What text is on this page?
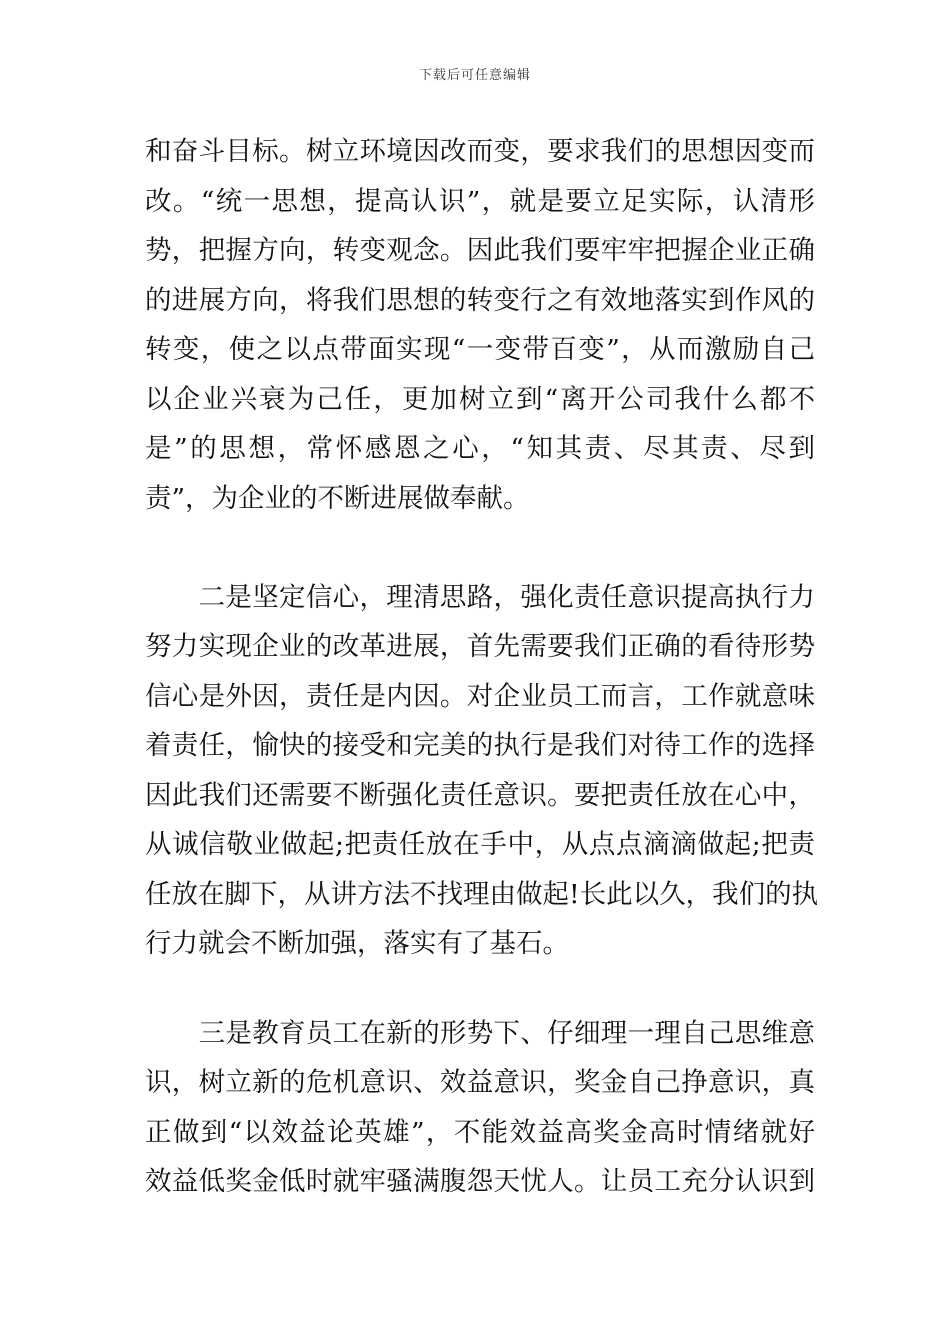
下载后可任意编辑
和奋斗目标。树立环境因改而变，要求我们的思想因变而
改。“统一思想，提高认识”，就是要立足实际，认清形
势，把握方向，转变观念。因此我们要牢牢把握企业正确
的进展方向，将我们思想的转变行之有效地落实到作风的
转变，使之以点带面实现“一变带百变”，从而激励自己
以企业兴衰为己任，更加树立到“离开公司我什么都不
是”的思想，常怀感恩之心，“知其责、尽其责、尽到
责”，为企业的不断进展做奉献。
　　二是坚定信心，理清思路，强化责任意识提高执行力
努力实现企业的改革进展，首先需要我们正确的看待形势
信心是外因，责任是内因。对企业员工而言，工作就意味
着责任，愉快的接受和完美的执行是我们对待工作的选择
因此我们还需要不断强化责任意识。要把责任放在心中，
从诚信敬业做起;把责任放在手中，从点点滴滴做起;把责
任放在脚下，从讲方法不找理由做起!长此以久，我们的执
行力就会不断加强，落实有了基石。
　　三是教育员工在新的形势下、仔细理一理自己思维意
识，树立新的危机意识、效益意识，奖金自己挣意识，真
正做到“以效益论英雄”，不能效益高奖金高时情绪就好
效益低奖金低时就牢骚满腹怨天忧人。让员工充分认识到
